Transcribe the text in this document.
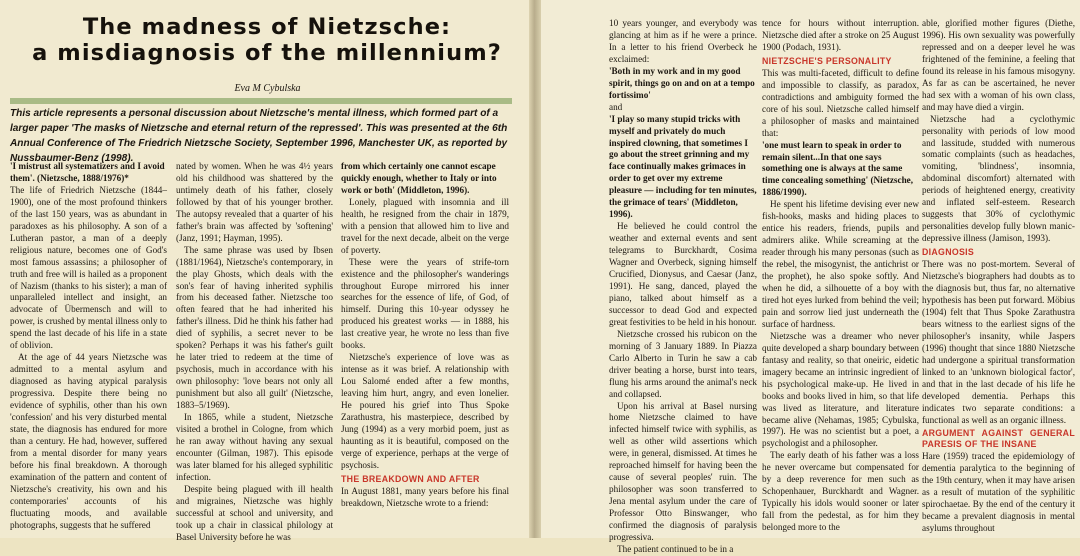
The madness of Nietzsche:
a misdiagnosis of the millennium?
Eva M Cybulska

This article represents a personal discussion about Nietzsche's mental illness, which formed part of a larger paper 'The masks of Nietzsche and eternal return of the repressed'. This was presented at the 6th Annual Conference of The Friedrich Nietzsche Society, September 1996, Manchester UK, as reported by Nussbaumer-Benz (1998).

'I mistrust all systematizers and I avoid them'. (Nietzsche, 1888/1976)*

The life of Friedrich Nietzsche (1844–1900), one of the most profound thinkers of the last 150 years, was as abundant in paradoxes as his philosophy. A son of a Lutheran pastor, a man of a deeply religious nature, becomes one of God's most famous assassins; a philosopher of truth and free will is hailed as a proponent of Nazism (thanks to his sister); a man of unparalleled intellect and insight, an advocate of Übermensch and will to power, is crushed by mental illness only to spend the last decade of his life in a state of oblivion.

At the age of 44 years Nietzsche was admitted to a mental asylum and diagnosed as having atypical paralysis progressiva. Despite there being no evidence of syphilis, other than his own 'confession' and his very disturbed mental state, the diagnosis has endured for more than a century. He had, however, suffered from a mental disorder for many years before his final breakdown. A thorough examination of the pattern and content of Nietzsche's creativity, his own and his contemporaries' accounts of his fluctuating moods, and available photographs, suggests that he suffered

nated by women. When he was 4½ years old his childhood was shattered by the untimely death of his father, closely followed by that of his younger brother. The autopsy revealed that a quarter of his father's brain was affected by 'softening' (Janz, 1991; Hayman, 1995).

The same phrase was used by Ibsen (1881/1964), Nietzsche's contemporary, in the play Ghosts, which deals with the son's fear of having inherited syphilis from his deceased father. Nietzsche too often feared that he had inherited his father's illness. Did he think his father had died of syphilis, a secret never to be spoken? Perhaps it was his father's guilt he later tried to redeem at the time of psychosis, much in accordance with his own philosophy: 'love bears not only all punishment but also all guilt' (Nietzsche, 1883–5/1969).

In 1865, while a student, Nietzsche visited a brothel in Cologne, from which he ran away without having any sexual encounter (Gilman, 1987). This episode was later blamed for his alleged syphilitic infection.

Despite being plagued with ill health and migraines, Nietzsche was highly successful at school and university, and took up a chair in classical philology at Basel University before he was

from which certainly one cannot escape quickly enough, whether to Italy or into work or both' (Middleton, 1996).

Lonely, plagued with insomnia and ill health, he resigned from the chair in 1879, with a pension that allowed him to live and travel for the next decade, albeit on the verge of poverty.

These were the years of strife-torn existence and the philosopher's wanderings throughout Europe mirrored his inner searches for the essence of life, of God, of himself. During this 10-year odyssey he produced his greatest works — in 1888, his last creative year, he wrote no less than five books.

Nietzsche's experience of love was as intense as it was brief. A relationship with Lou Salomé ended after a few months, leaving him hurt, angry, and even lonelier. He poured his grief into Thus Spoke Zarathustra, his masterpiece, described by Jung (1994) as a very morbid poem, just as haunting as it is beautiful, composed on the verge of experience, perhaps at the verge of psychosis.

THE BREAKDOWN AND AFTER

In August 1881, many years before his final breakdown, Nietzsche wrote to a friend:

10 years younger, and everybody was glancing at him as if he were a prince. In a letter to his friend Overbeck he exclaimed:

'Both in my work and in my good spirit, things go on and on at a tempo fortissimo'

and

'I play so many stupid tricks with myself and privately do much inspired clowning, that sometimes I go about the street grinning and my face continually makes grimaces in order to get over my extreme pleasure — including for ten minutes, the grimace of tears' (Middleton, 1996).

He believed he could control the weather and external events and sent telegrams to Burckhardt, Cosima Wagner and Overbeck, signing himself Crucified, Dionysus, and Caesar (Janz, 1991). He sang, danced, played the piano, talked about himself as a successor to dead God and expected great festivities to be held in his honour.

Nietzsche crossed his rubicon on the morning of 3 January 1889. In Piazza Carlo Alberto in Turin he saw a cab driver beating a horse, burst into tears, flung his arms around the animal's neck and collapsed.

Upon his arrival at Basel nursing home Nietzsche claimed to have infected himself twice with syphilis, as well as other wild assertions which were, in general, dismissed. At times he reproached himself for having been the cause of several peoples' ruin. The philosopher was soon transferred to Jena mental asylum under the care of Professor Otto Binswanger, who confirmed the diagnosis of paralysis progressiva.

The patient continued to be in a

tence for hours without interruption. Nietzsche died after a stroke on 25 August 1900 (Podach, 1931).

NIETZSCHE'S PERSONALITY

This was multi-faceted, difficult to define and impossible to classify, as paradox, contradictions and ambiguity formed the core of his soul. Nietzsche called himself a philosopher of masks and maintained that:

'one must learn to speak in order to remain silent...In that one says something one is always at the same time concealing something' (Nietzsche, 1886/1990).

He spent his lifetime devising ever new fish-hooks, masks and hiding places to entice his readers, friends, pupils and admirers alike. While screaming at the reader through his many personas (such as the rebel, the misogynist, the antichrist or the prophet), he also spoke softly. And when he did, a silhouette of a boy with tired hot eyes lurked from behind the veil; pain and sorrow lied just underneath the surface of hardness.

Nietzsche was a dreamer who never quite developed a sharp boundary between fantasy and reality, so that oneiric, eidetic imagery became an intrinsic ingredient of his psychological make-up. He lived in books and books lived in him, so that life was lived as literature, and literature became alive (Nehamas, 1985; Cybulska, 1997). He was no scientist but a poet, a psychologist and a philosopher.

The early death of his father was a loss he never overcame but compensated for by a deep reverence for men such as Schopenhauer, Burckhardt and Wagner. Typically his idols would sooner or later fall from the pedestal, as for him they belonged more to the

able, glorified mother figures (Diethe, 1996). His own sexuality was powerfully repressed and on a deeper level he was frightened of the feminine, a feeling that found its release in his famous misogyny. As far as can be ascertained, he never had sex with a woman of his own class, and may have died a virgin.

Nietzsche had a cyclothymic personality with periods of low mood and lassitude, studded with numerous somatic complaints (such as headaches, vomiting, 'blindness', insomnia, abdominal discomfort) alternated with periods of heightened energy, creativity and inflated self-esteem. Research suggests that 30% of cyclothymic personalities develop fully blown manic-depressive illness (Jamison, 1993).

DIAGNOSIS

There was no post-mortem. Several of Nietzsche's biographers had doubts as to the diagnosis but, thus far, no alternative hypothesis has been put forward. Möbius (1904) felt that Thus Spoke Zarathustra bears witness to the earliest signs of the philosopher's insanity, while Jaspers (1996) thought that since 1880 Nietzsche had undergone a spiritual transformation linked to an 'unknown biological factor', and that in the last decade of his life he developed dementia. Perhaps this indicates two separate conditions: a functional as well as an organic illness.

ARGUMENT AGAINST GENERAL PARESIS OF THE INSANE

Hare (1959) traced the epidemiology of dementia paralytica to the beginning of the 19th century, when it may have arisen as a result of mutation of the syphilitic spirochaetae. By the end of the century it became a prevalent diagnosis in mental asylums throughout
